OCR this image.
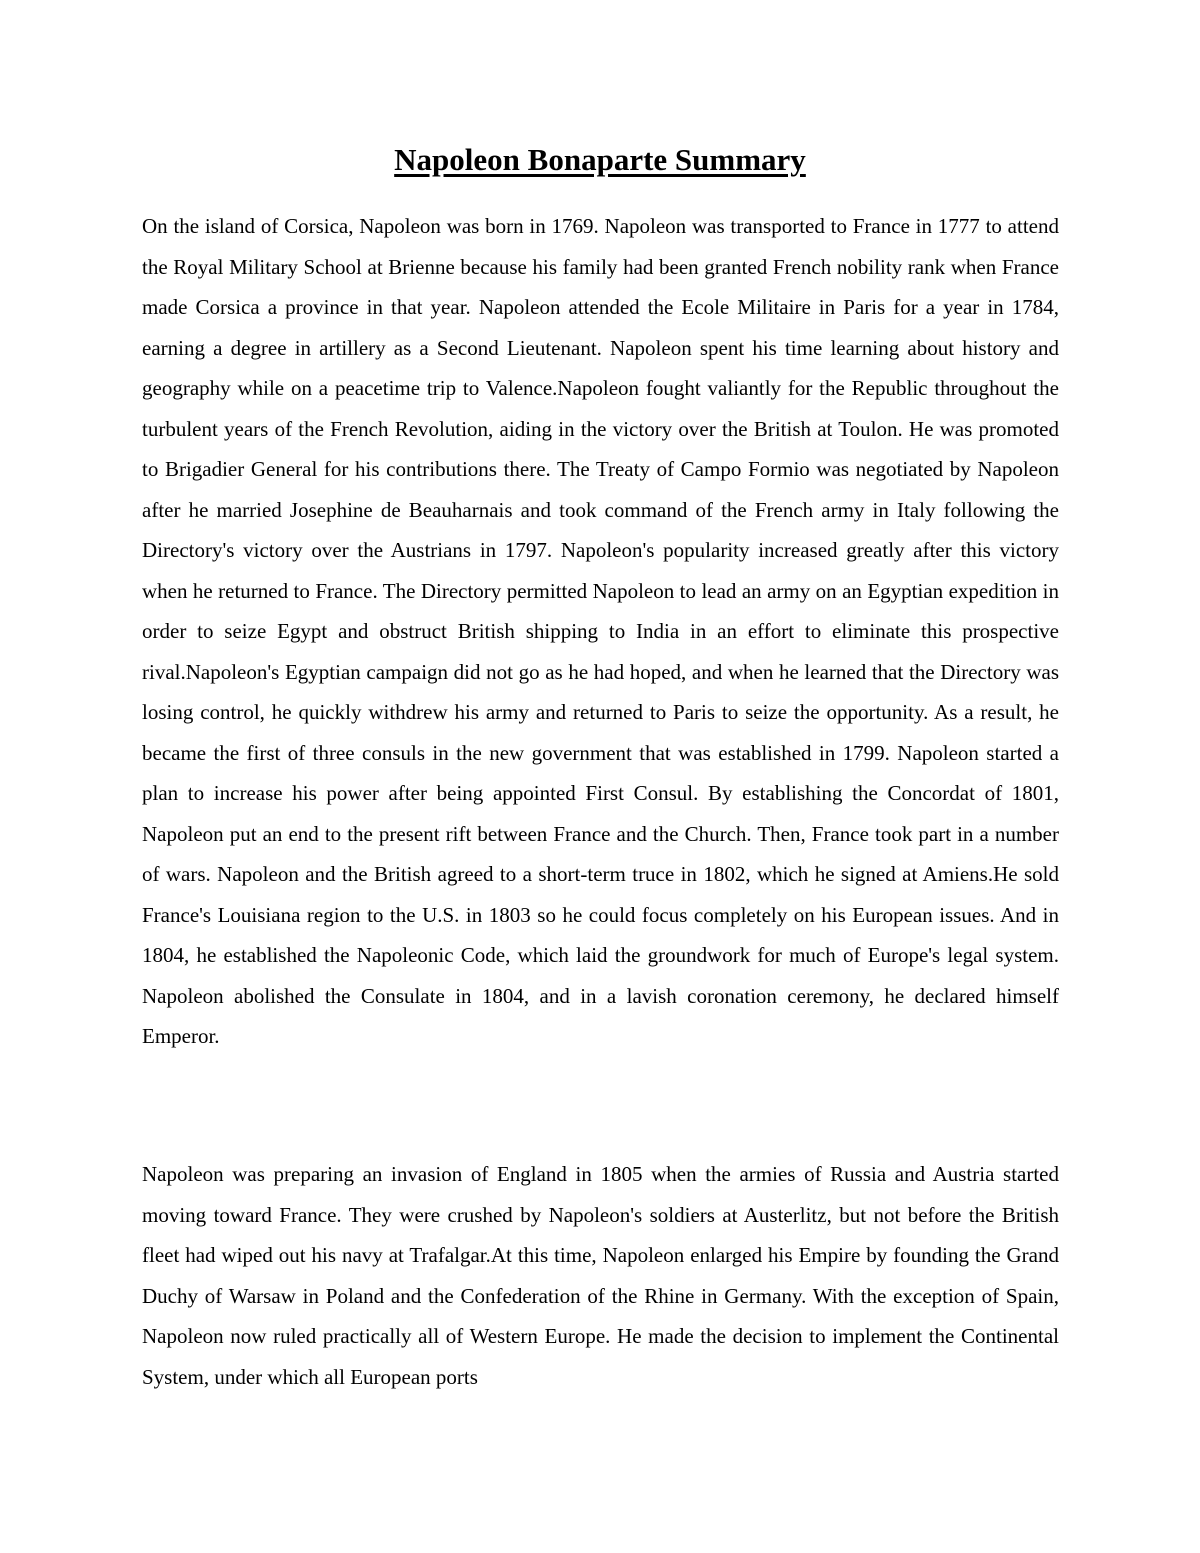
Napoleon Bonaparte Summary

On the island of Corsica, Napoleon was born in 1769. Napoleon was transported to France in 1777 to attend the Royal Military School at Brienne because his family had been granted French nobility rank when France made Corsica a province in that year. Napoleon attended the Ecole Militaire in Paris for a year in 1784, earning a degree in artillery as a Second Lieutenant. Napoleon spent his time learning about history and geography while on a peacetime trip to Valence.Napoleon fought valiantly for the Republic throughout the turbulent years of the French Revolution, aiding in the victory over the British at Toulon. He was promoted to Brigadier General for his contributions there. The Treaty of Campo Formio was negotiated by Napoleon after he married Josephine de Beauharnais and took command of the French army in Italy following the Directory's victory over the Austrians in 1797. Napoleon's popularity increased greatly after this victory when he returned to France. The Directory permitted Napoleon to lead an army on an Egyptian expedition in order to seize Egypt and obstruct British shipping to India in an effort to eliminate this prospective rival.Napoleon's Egyptian campaign did not go as he had hoped, and when he learned that the Directory was losing control, he quickly withdrew his army and returned to Paris to seize the opportunity. As a result, he became the first of three consuls in the new government that was established in 1799. Napoleon started a plan to increase his power after being appointed First Consul. By establishing the Concordat of 1801, Napoleon put an end to the present rift between France and the Church. Then, France took part in a number of wars. Napoleon and the British agreed to a short-term truce in 1802, which he signed at Amiens.He sold France's Louisiana region to the U.S. in 1803 so he could focus completely on his European issues. And in 1804, he established the Napoleonic Code, which laid the groundwork for much of Europe's legal system. Napoleon abolished the Consulate in 1804, and in a lavish coronation ceremony, he declared himself Emperor.

Napoleon was preparing an invasion of England in 1805 when the armies of Russia and Austria started moving toward France. They were crushed by Napoleon's soldiers at Austerlitz, but not before the British fleet had wiped out his navy at Trafalgar.At this time, Napoleon enlarged his Empire by founding the Grand Duchy of Warsaw in Poland and the Confederation of the Rhine in Germany. With the exception of Spain, Napoleon now ruled practically all of Western Europe. He made the decision to implement the Continental System, under which all European ports
